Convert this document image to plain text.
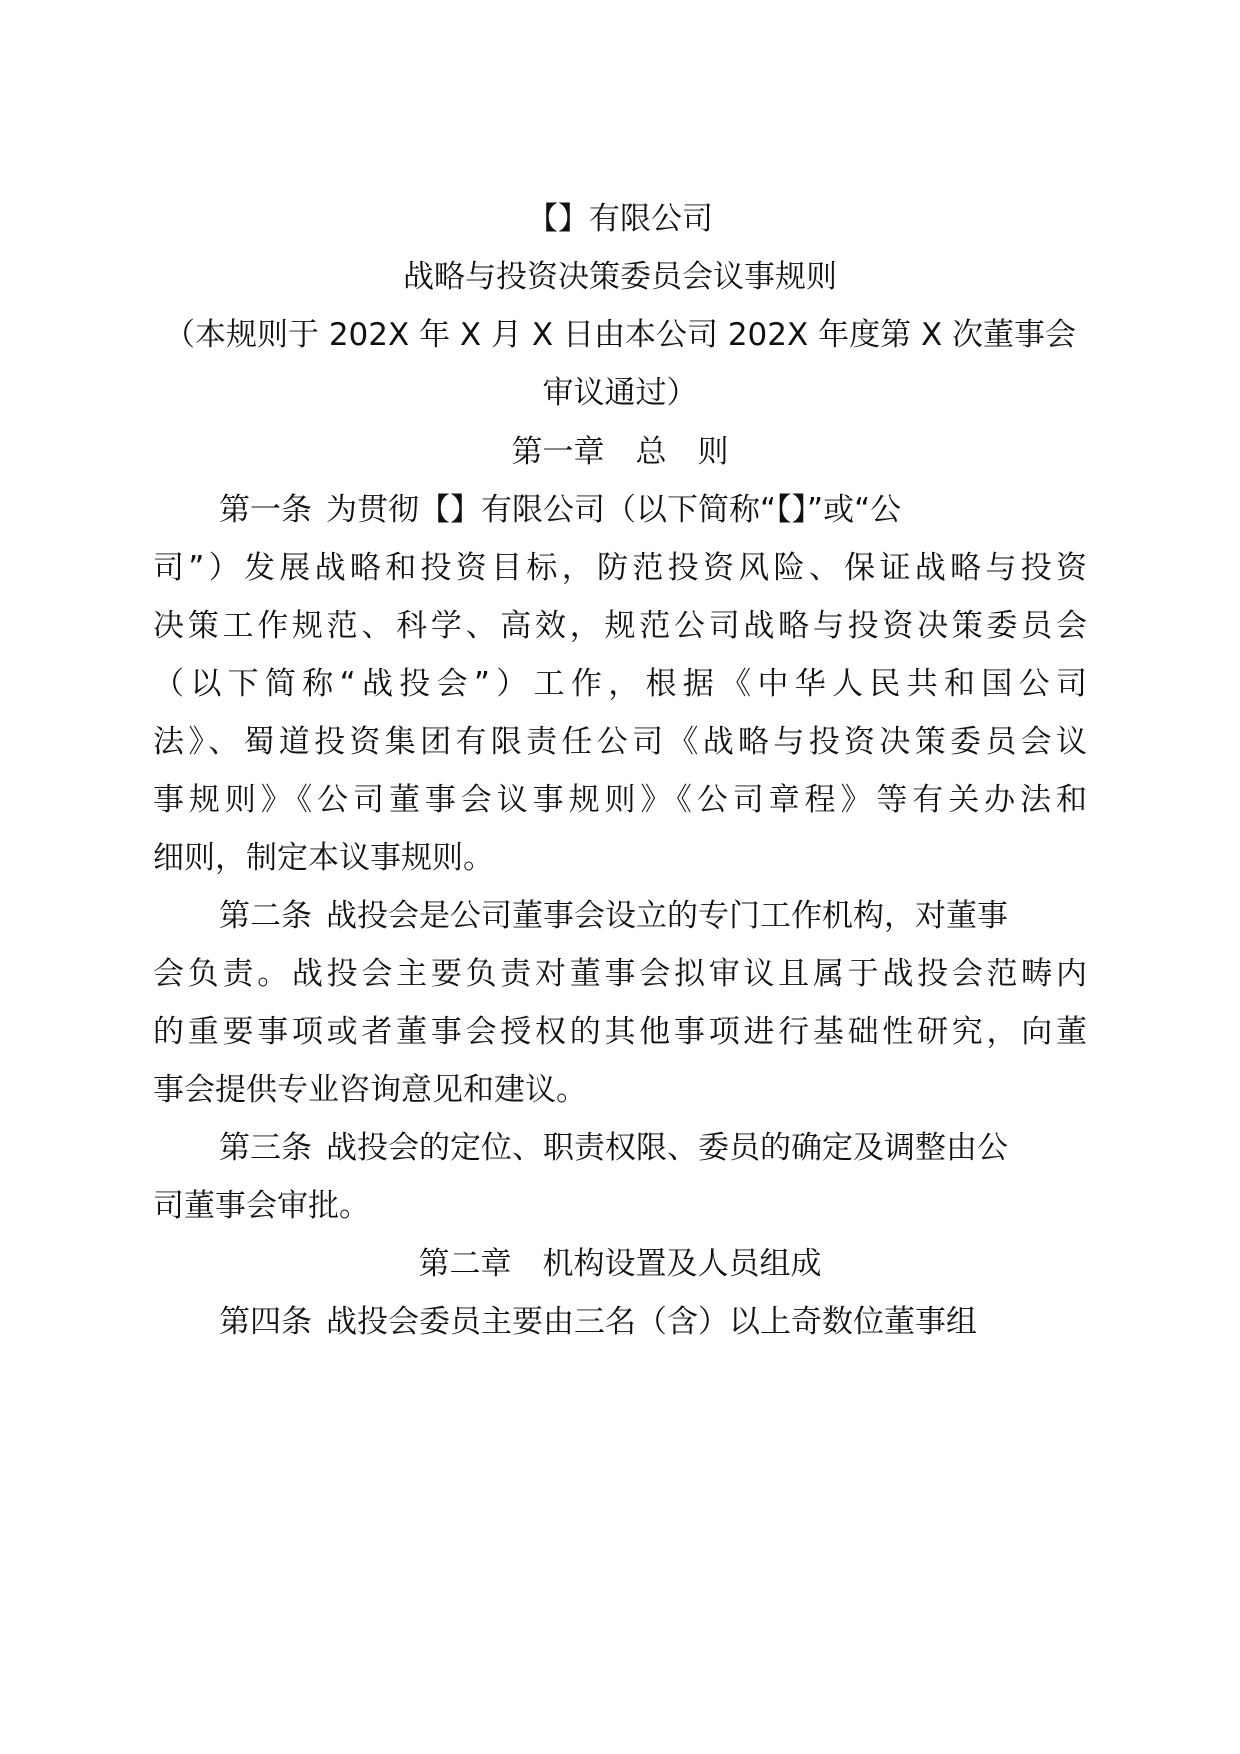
【】有限公司
战略与投资决策委员会议事规则
（本规则于 202X 年 X 月 X 日由本公司 202X 年度第 X 次董事会
审议通过）
第一章　总　则
第一条 为贯彻【】有限公司（以下简称“【】”或“公
司”）发展战略和投资目标，防范投资风险、保证战略与投资
决策工作规范、科学、高效，规范公司战略与投资决策委员会
（以下简称“战投会”）工作，根据《中华人民共和国公司
法》、蜀道投资集团有限责任公司《战略与投资决策委员会议
事规则》《公司董事会议事规则》《公司章程》等有关办法和
细则，制定本议事规则。
第二条 战投会是公司董事会设立的专门工作机构，对董事
会负责。战投会主要负责对董事会拟审议且属于战投会范畴内
的重要事项或者董事会授权的其他事项进行基础性研究，向董
事会提供专业咨询意见和建议。
第三条 战投会的定位、职责权限、委员的确定及调整由公
司董事会审批。
第二章　机构设置及人员组成
第四条 战投会委员主要由三名（含）以上奇数位董事组
